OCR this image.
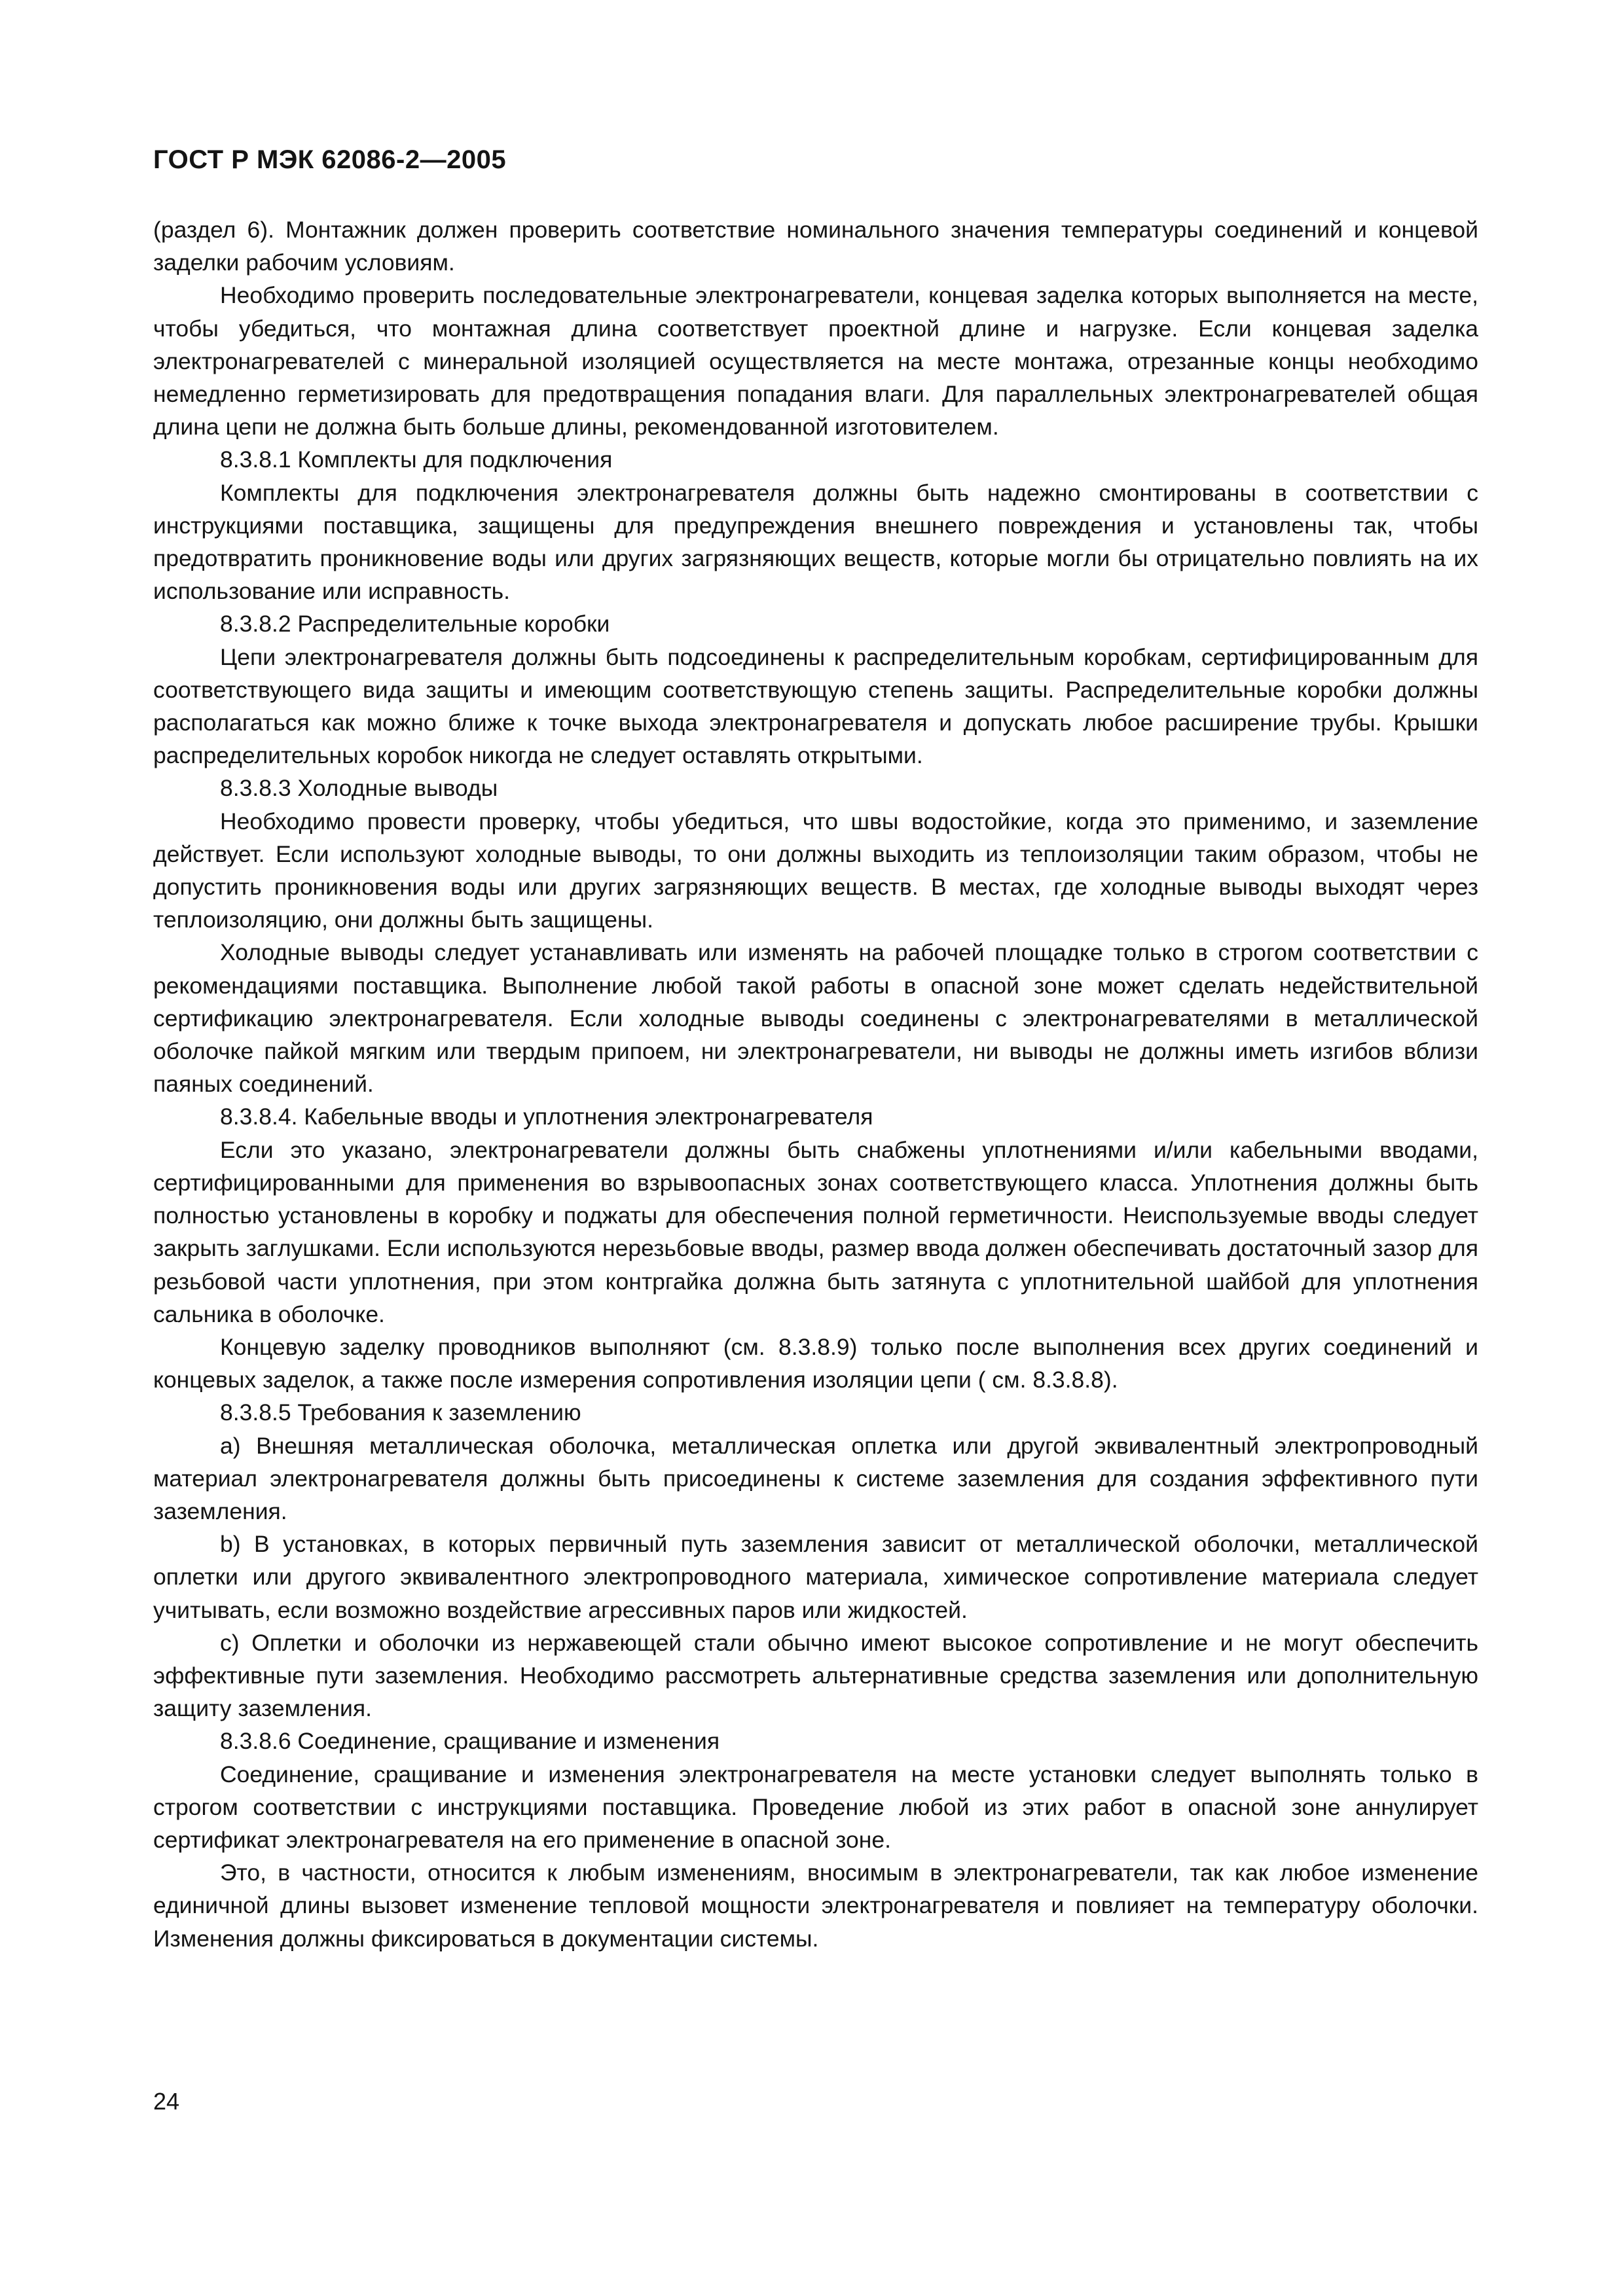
ГОСТ Р МЭК 62086-2—2005

(раздел 6). Монтажник должен проверить соответствие номинального значения температуры соединений и концевой заделки рабочим условиям.

Необходимо проверить последовательные электронагреватели, концевая заделка которых выполняется на месте, чтобы убедиться, что монтажная длина соответствует проектной длине и нагрузке. Если концевая заделка электронагревателей с минеральной изоляцией осуществляется на месте монтажа, отрезанные концы необходимо немедленно герметизировать для предотвращения попадания влаги. Для параллельных электронагревателей общая длина цепи не должна быть больше длины, рекомендованной изготовителем.

8.3.8.1 Комплекты для подключения

Комплекты для подключения электронагревателя должны быть надежно смонтированы в соответствии с инструкциями поставщика, защищены для предупреждения внешнего повреждения и установлены так, чтобы предотвратить проникновение воды или других загрязняющих веществ, которые могли бы отрицательно повлиять на их использование или исправность.

8.3.8.2 Распределительные коробки

Цепи электронагревателя должны быть подсоединены к распределительным коробкам, сертифицированным для соответствующего вида защиты и имеющим соответствующую степень защиты. Распределительные коробки должны располагаться как можно ближе к точке выхода электронагревателя и допускать любое расширение трубы. Крышки распределительных коробок никогда не следует оставлять открытыми.

8.3.8.3 Холодные выводы

Необходимо провести проверку, чтобы убедиться, что швы водостойкие, когда это применимо, и заземление действует. Если используют холодные выводы, то они должны выходить из теплоизоляции таким образом, чтобы не допустить проникновения воды или других загрязняющих веществ. В местах, где холодные выводы выходят через теплоизоляцию, они должны быть защищены.

Холодные выводы следует устанавливать или изменять на рабочей площадке только в строгом соответствии с рекомендациями поставщика. Выполнение любой такой работы в опасной зоне может сделать недействительной сертификацию электронагревателя. Если холодные выводы соединены с электронагревателями в металлической оболочке пайкой мягким или твердым припоем, ни электронагреватели, ни выводы не должны иметь изгибов вблизи паяных соединений.

8.3.8.4. Кабельные вводы и уплотнения электронагревателя

Если это указано, электронагреватели должны быть снабжены уплотнениями и/или кабельными вводами, сертифицированными для применения во взрывоопасных зонах соответствующего класса. Уплотнения должны быть полностью установлены в коробку и поджаты для обеспечения полной герметичности. Неиспользуемые вводы следует закрыть заглушками. Если используются нерезьбовые вводы, размер ввода должен обеспечивать достаточный зазор для резьбовой части уплотнения, при этом контргайка должна быть затянута с уплотнительной шайбой для уплотнения сальника в оболочке.

Концевую заделку проводников выполняют (см. 8.3.8.9) только после выполнения всех других соединений и концевых заделок, а также после измерения сопротивления изоляции цепи ( см. 8.3.8.8).

8.3.8.5 Требования к заземлению

а) Внешняя металлическая оболочка, металлическая оплетка или другой эквивалентный электропроводный материал электронагревателя должны быть присоединены к системе заземления для создания эффективного пути заземления.

b) В установках, в которых первичный путь заземления зависит от металлической оболочки, металлической оплетки или другого эквивалентного электропроводного материала, химическое сопротивление материала следует учитывать, если возможно воздействие агрессивных паров или жидкостей.

с) Оплетки и оболочки из нержавеющей стали обычно имеют высокое сопротивление и не могут обеспечить эффективные пути заземления. Необходимо рассмотреть альтернативные средства заземления или дополнительную защиту заземления.

8.3.8.6 Соединение, сращивание и изменения

Соединение, сращивание и изменения электронагревателя на месте установки следует выполнять только в строгом соответствии с инструкциями поставщика. Проведение любой из этих работ в опасной зоне аннулирует сертификат электронагревателя на его применение в опасной зоне.

Это, в частности, относится к любым изменениям, вносимым в электронагреватели, так как любое изменение единичной длины вызовет изменение тепловой мощности электронагревателя и повлияет на температуру оболочки. Изменения должны фиксироваться в документации системы.

24
